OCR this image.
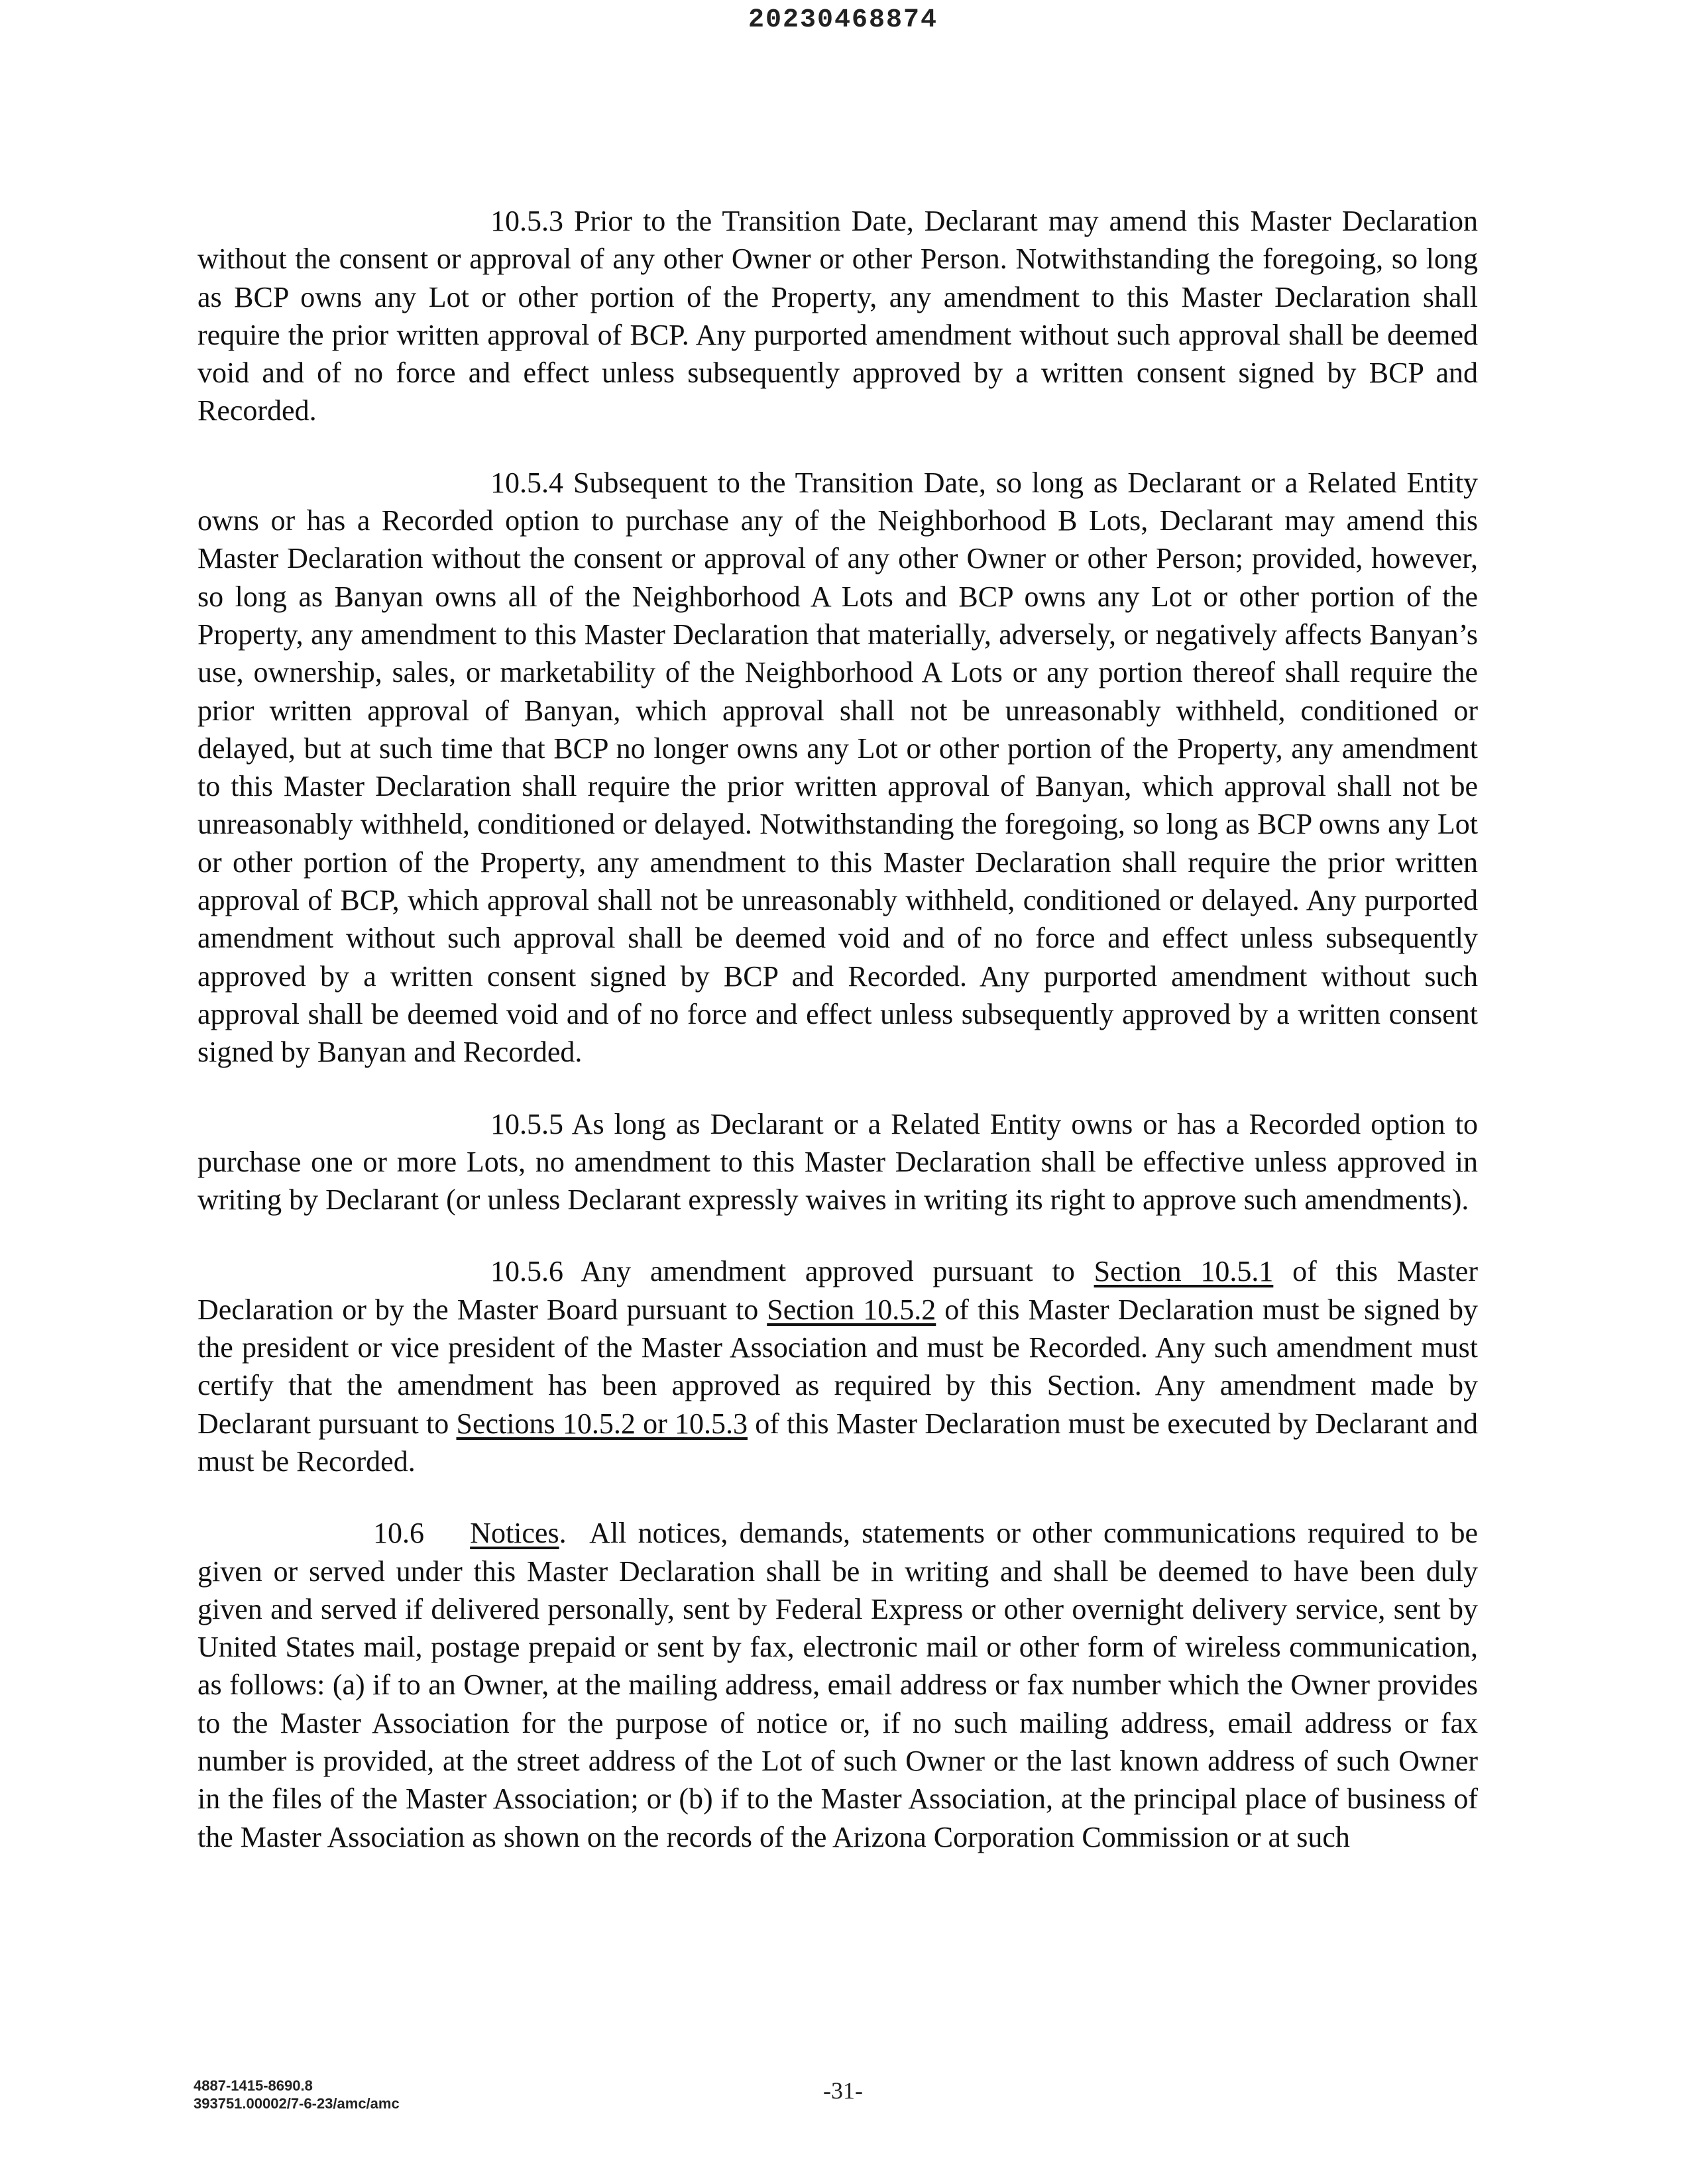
20230468874

10.5.3 Prior to the Transition Date, Declarant may amend this Master Declaration without the consent or approval of any other Owner or other Person. Notwithstanding the foregoing, so long as BCP owns any Lot or other portion of the Property, any amendment to this Master Declaration shall require the prior written approval of BCP. Any purported amendment without such approval shall be deemed void and of no force and effect unless subsequently approved by a written consent signed by BCP and Recorded.

10.5.4 Subsequent to the Transition Date, so long as Declarant or a Related Entity owns or has a Recorded option to purchase any of the Neighborhood B Lots, Declarant may amend this Master Declaration without the consent or approval of any other Owner or other Person; provided, however, so long as Banyan owns all of the Neighborhood A Lots and BCP owns any Lot or other portion of the Property, any amendment to this Master Declaration that materially, adversely, or negatively affects Banyan’s use, ownership, sales, or marketability of the Neighborhood A Lots or any portion thereof shall require the prior written approval of Banyan, which approval shall not be unreasonably withheld, conditioned or delayed, but at such time that BCP no longer owns any Lot or other portion of the Property, any amendment to this Master Declaration shall require the prior written approval of Banyan, which approval shall not be unreasonably withheld, conditioned or delayed. Notwithstanding the foregoing, so long as BCP owns any Lot or other portion of the Property, any amendment to this Master Declaration shall require the prior written approval of BCP, which approval shall not be unreasonably withheld, conditioned or delayed. Any purported amendment without such approval shall be deemed void and of no force and effect unless subsequently approved by a written consent signed by BCP and Recorded. Any purported amendment without such approval shall be deemed void and of no force and effect unless subsequently approved by a written consent signed by Banyan and Recorded.

10.5.5 As long as Declarant or a Related Entity owns or has a Recorded option to purchase one or more Lots, no amendment to this Master Declaration shall be effective unless approved in writing by Declarant (or unless Declarant expressly waives in writing its right to approve such amendments).

10.5.6 Any amendment approved pursuant to Section 10.5.1 of this Master Declaration or by the Master Board pursuant to Section 10.5.2 of this Master Declaration must be signed by the president or vice president of the Master Association and must be Recorded. Any such amendment must certify that the amendment has been approved as required by this Section. Any amendment made by Declarant pursuant to Sections 10.5.2 or 10.5.3 of this Master Declaration must be executed by Declarant and must be Recorded.

10.6 Notices. All notices, demands, statements or other communications required to be given or served under this Master Declaration shall be in writing and shall be deemed to have been duly given and served if delivered personally, sent by Federal Express or other overnight delivery service, sent by United States mail, postage prepaid or sent by fax, electronic mail or other form of wireless communication, as follows: (a) if to an Owner, at the mailing address, email address or fax number which the Owner provides to the Master Association for the purpose of notice or, if no such mailing address, email address or fax number is provided, at the street address of the Lot of such Owner or the last known address of such Owner in the files of the Master Association; or (b) if to the Master Association, at the principal place of business of the Master Association as shown on the records of the Arizona Corporation Commission or at such

4887-1415-8690.8
393751.00002/7-6-23/amc/amc	-31-
